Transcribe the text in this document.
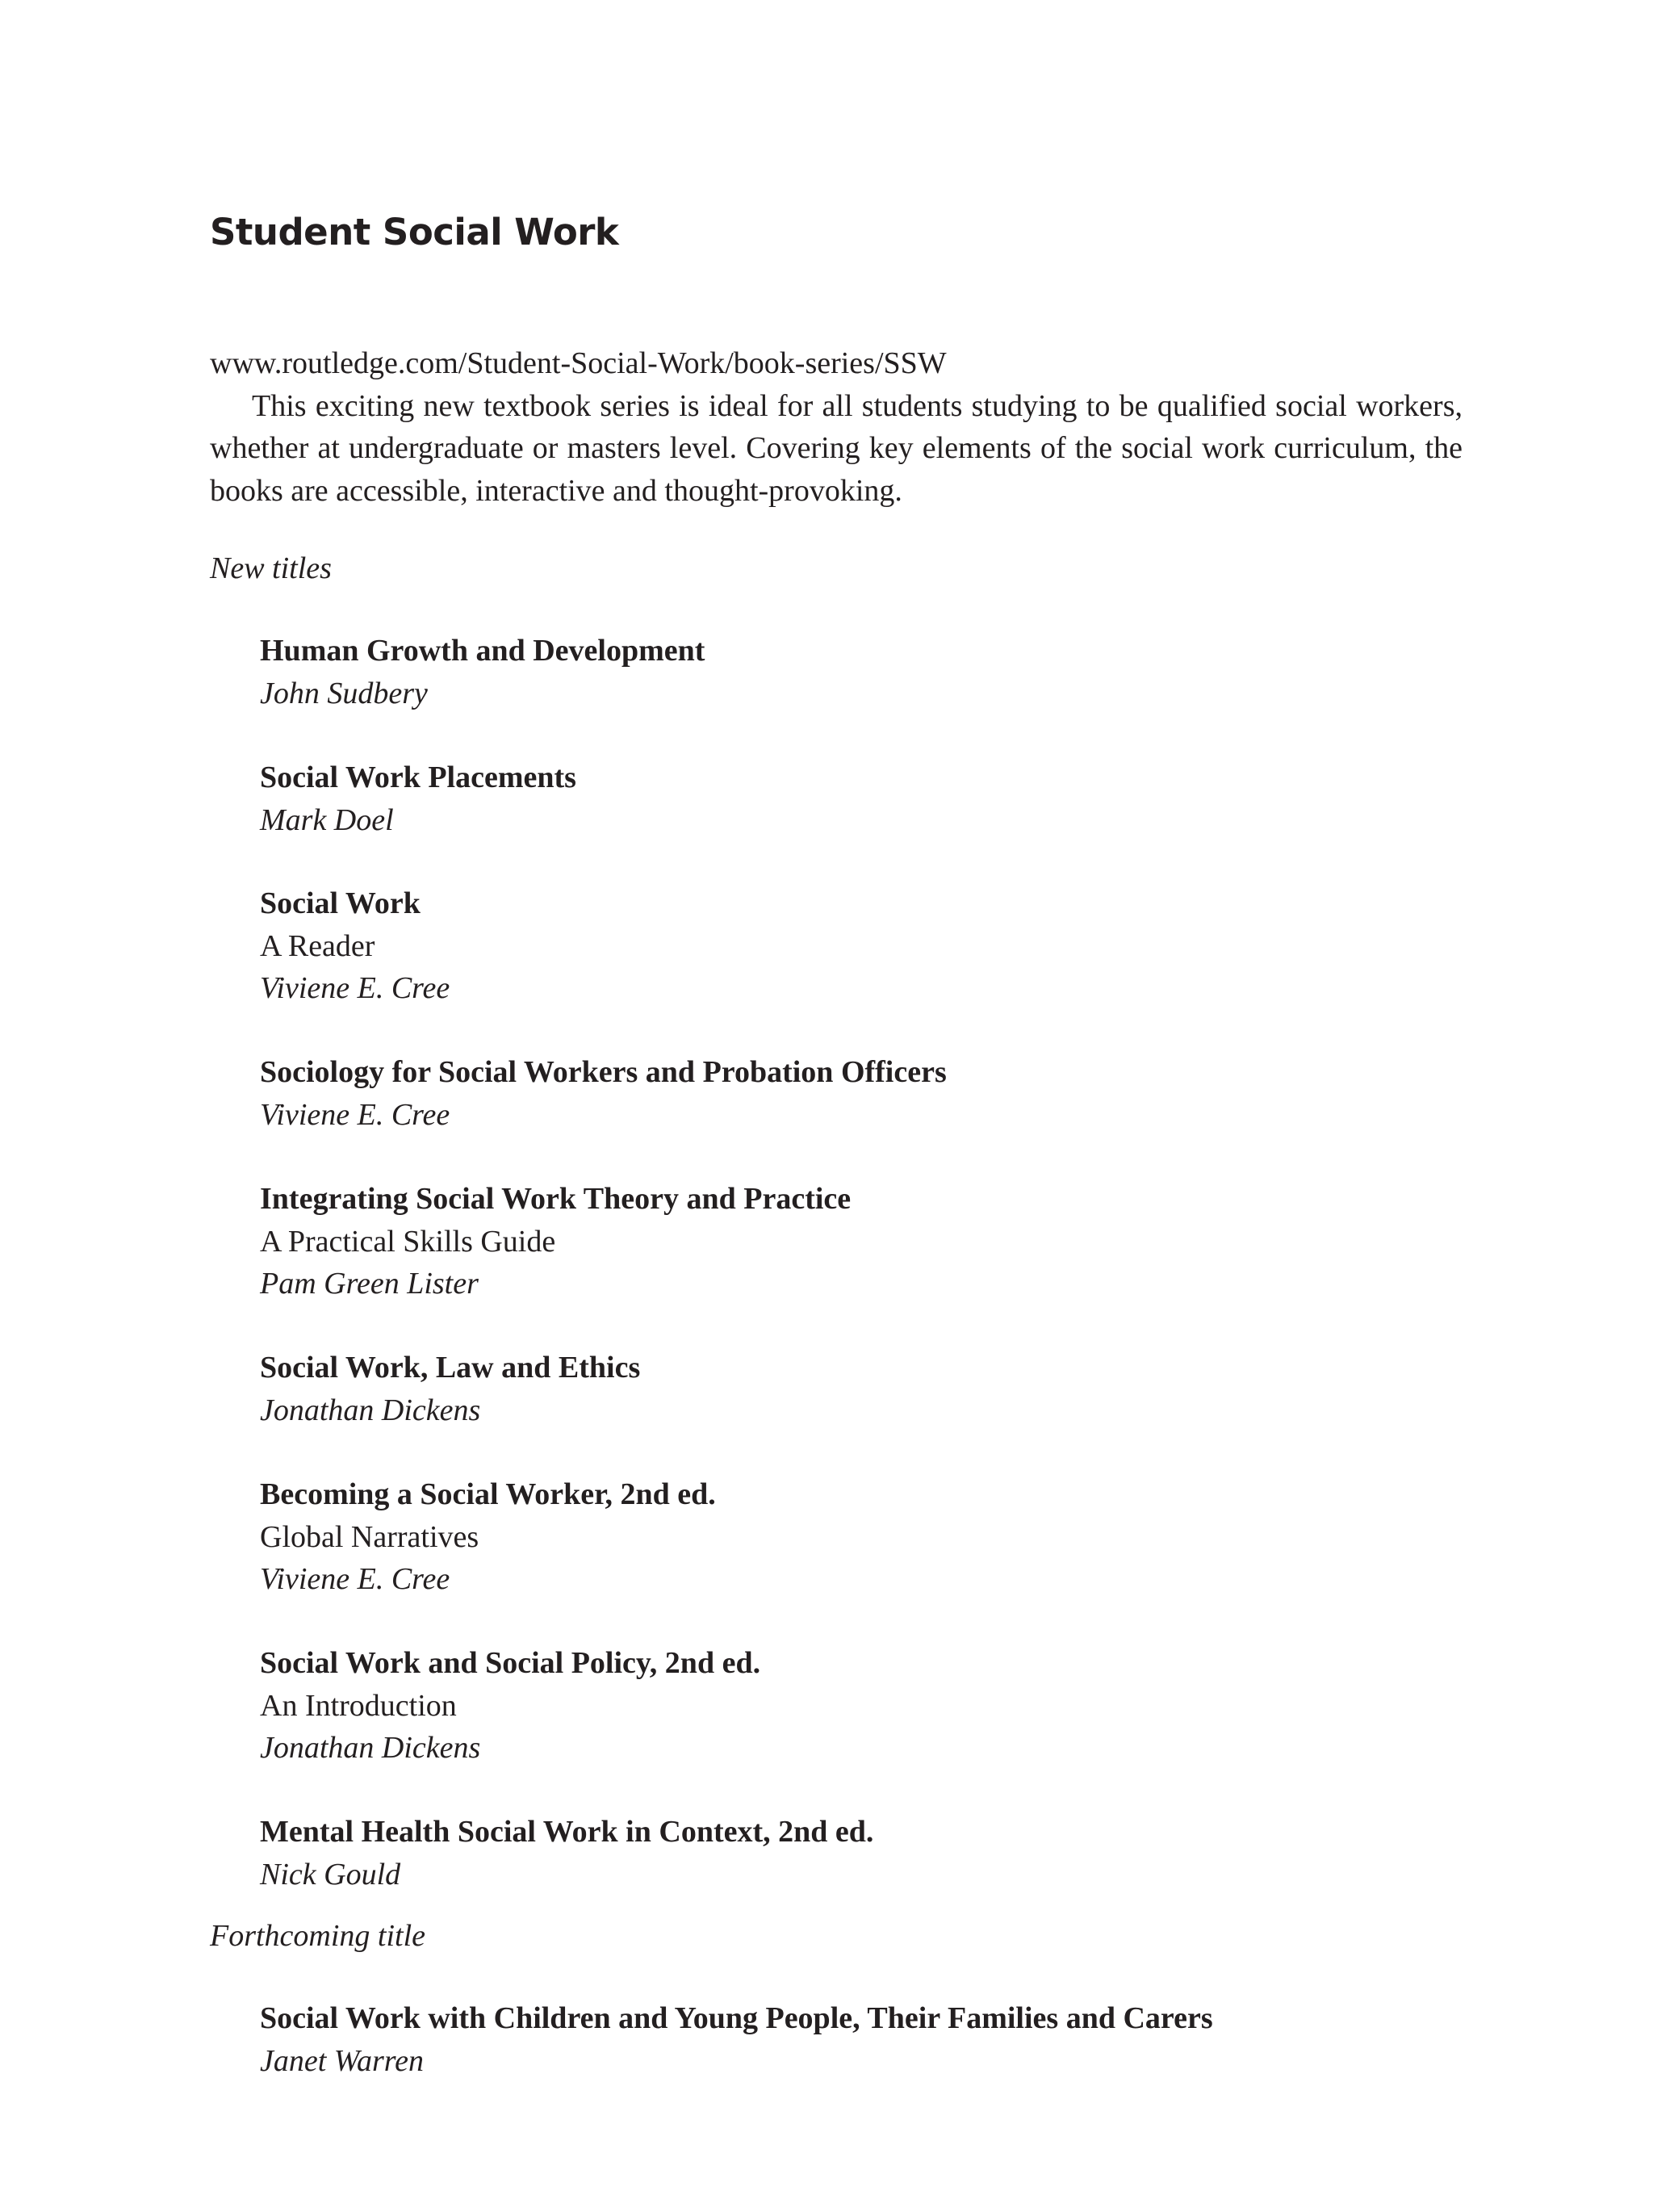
Student Social Work
www.routledge.com/Student-Social-Work/book-series/SSW
This exciting new textbook series is ideal for all students studying to be qualified social workers, whether at undergraduate or masters level. Covering key elements of the social work curriculum, the books are accessible, interactive and thought-provoking.

New titles

Human Growth and Development
John Sudbery
Social Work Placements
Mark Doel
Social Work
A Reader
Viviene E. Cree
Sociology for Social Workers and Probation Officers
Viviene E. Cree
Integrating Social Work Theory and Practice
A Practical Skills Guide
Pam Green Lister
Social Work, Law and Ethics
Jonathan Dickens
Becoming a Social Worker, 2nd ed.
Global Narratives
Viviene E. Cree
Social Work and Social Policy, 2nd ed.
An Introduction
Jonathan Dickens
Mental Health Social Work in Context, 2nd ed.
Nick Gould

Forthcoming title

Social Work with Children and Young People, Their Families and Carers
Janet Warren
